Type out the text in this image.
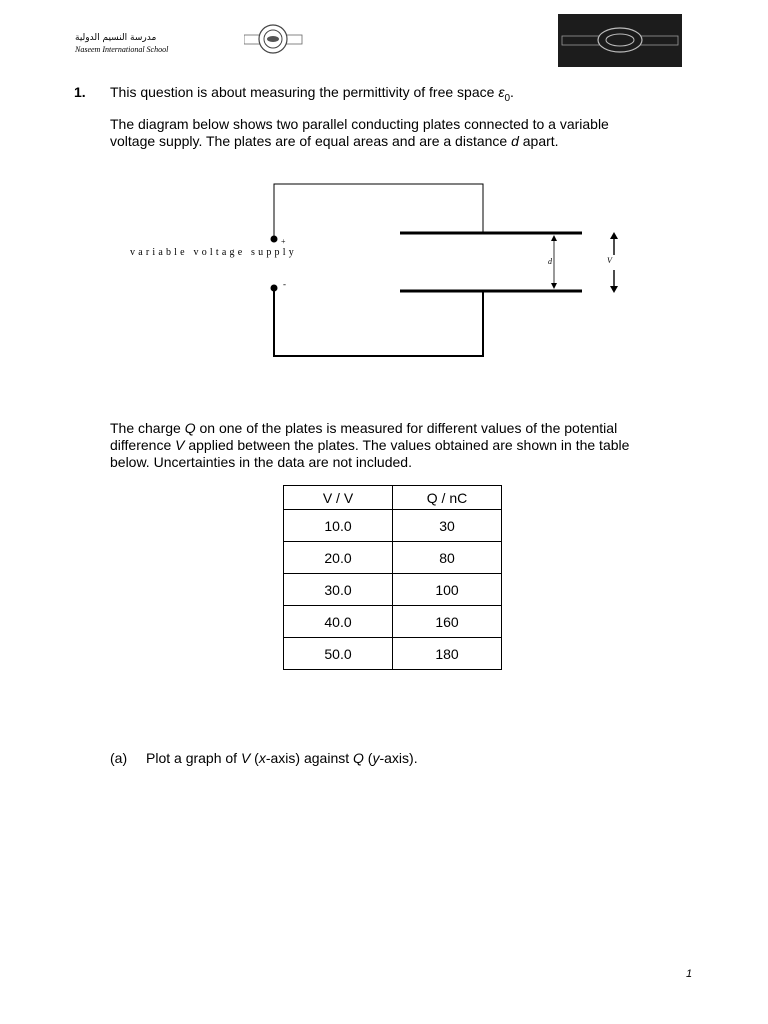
مدرسة النسيم الدولية
Naseem International School
1. This question is about measuring the permittivity of free space $\varepsilon_0$.
The diagram below shows two parallel conducting plates connected to a variable voltage supply. The plates are of equal areas and are a distance d apart.
+
-
variable voltage supply
d	V
The charge Q on one of the plates is measured for different values of the potential difference V applied between the plates. The values obtained are shown in the table below. Uncertainties in the data are not included.
V / V	Q / nC
10.0	30
20.0	80
30.0	100
40.0	160
50.0	180
(a) Plot a graph of V (x-axis) against Q (y-axis).
1
